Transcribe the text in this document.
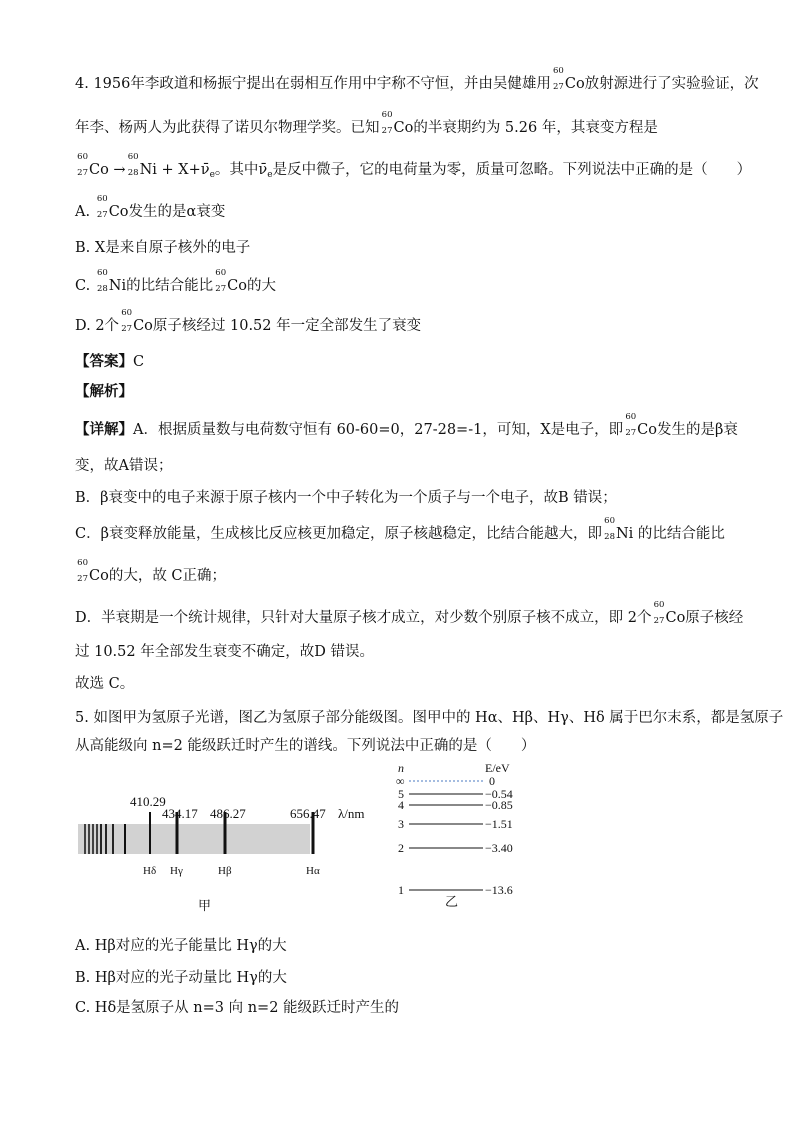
4. 1956年李政道和杨振宁提出在弱相互作用中宇称不守恒，并由吴健雄用
60
27 Co放射源进行了实验验证，次
年李、杨两人为此获得了诺贝尔物理学奖。已知
60
27 Co的半衰期约为 5.26 年，其衰变方程是
60
27 Co →
60
28 $Ni + X+\nū_e$。其中$\nū_e$是反中微子，它的电荷量为零，质量可忽略。下列说法中正确的是（　　）
A.
60
27 Co发生的是α衰变
B. X是来自原子核外的电子
C.
60
28 Ni的比结合能比
60
27 Co的大
D. 2个
60
27 Co原子核经过 10.52 年一定全部发生了衰变
【答案】C
【解析】
【详解】A．根据质量数与电荷数守恒有 60-60=0，27-28=-1，可知，X是电子，即
60
27 Co发生的是β衰
变，故A错误；
B．β衰变中的电子来源于原子核内一个中子转化为一个质子与一个电子，故B 错误；
C．β衰变释放能量，生成核比反应核更加稳定，原子核越稳定，比结合能越大，即
60
28 Ni 的比结合能比
60
27 Co的大，故 C正确；
D．半衰期是一个统计规律，只针对大量原子核才成立，对少数个别原子核不成立，即 2个
60
27 Co原子核经
过 10.52 年全部发生衰变不确定，故D 错误。
故选 C。
5. 如图甲为氢原子光谱，图乙为氢原子部分能级图。图甲中的 Hα、Hβ、Hγ、Hδ 属于巴尔末系，都是氢原子
从高能级向 n=2 能级跃迁时产生的谱线。下列说法中正确的是（　　）
410.29
434.17 486.27	656.47 λ/nm
Hδ Hγ	Hβ	Hα
甲
n	E/eV
∞
5
4
3
2
1
0
−0.54
−0.85
−1.51
−3.40
−13.6
乙
A. Hβ对应的光子能量比 Hγ的大
B. Hβ对应的光子动量比 Hγ的大
C. Hδ是氢原子从 n=3 向 n=2 能级跃迁时产生的
